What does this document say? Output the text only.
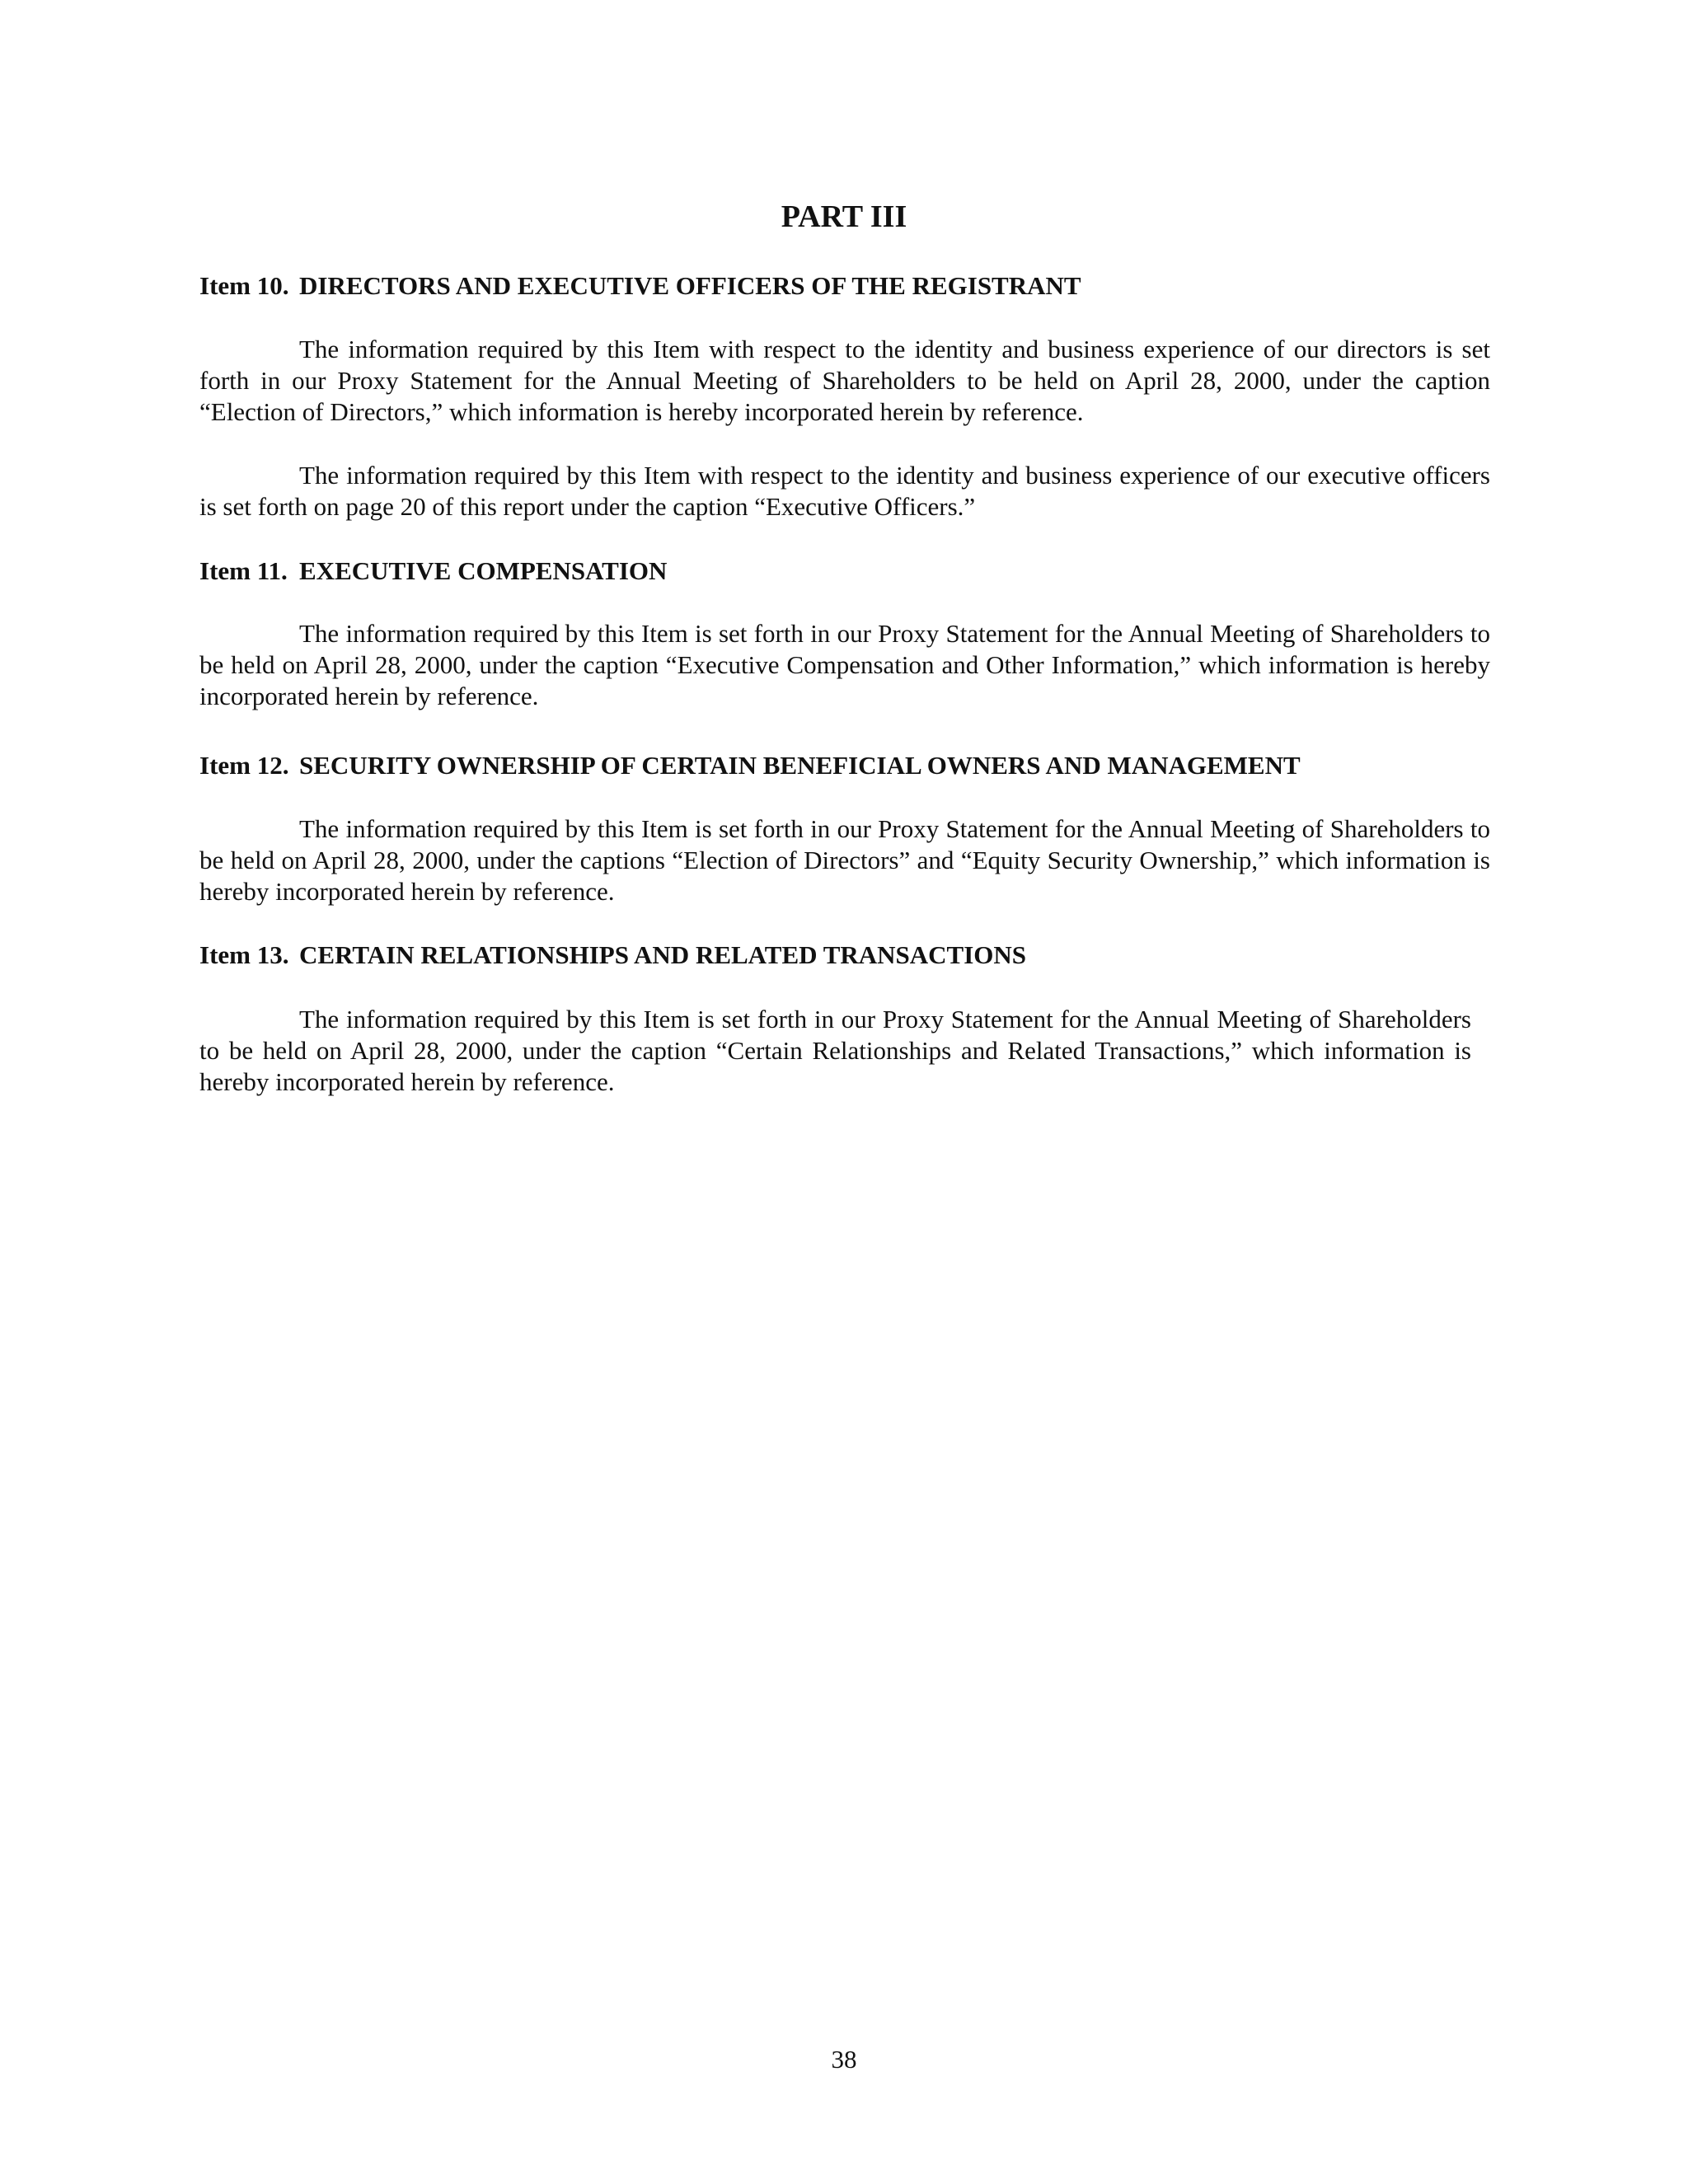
PART III
Item 10. DIRECTORS AND EXECUTIVE OFFICERS OF THE REGISTRANT

The information required by this Item with respect to the identity and business experience of our directors is set forth in our Proxy Statement for the Annual Meeting of Shareholders to be held on April 28, 2000, under the caption “Election of Directors,” which information is hereby incorporated herein by reference.

The information required by this Item with respect to the identity and business experience of our executive officers is set forth on page 20 of this report under the caption “Executive Officers.”

Item 11. EXECUTIVE COMPENSATION

The information required by this Item is set forth in our Proxy Statement for the Annual Meeting of Shareholders to be held on April 28, 2000, under the caption “Executive Compensation and Other Information,” which information is hereby incorporated herein by reference.

Item 12. SECURITY OWNERSHIP OF CERTAIN BENEFICIAL OWNERS AND MANAGEMENT

The information required by this Item is set forth in our Proxy Statement for the Annual Meeting of Shareholders to be held on April 28, 2000, under the captions “Election of Directors” and “Equity Security Ownership,” which information is hereby incorporated herein by reference.

Item 13. CERTAIN RELATIONSHIPS AND RELATED TRANSACTIONS

The information required by this Item is set forth in our Proxy Statement for the Annual Meeting of Shareholders to be held on April 28, 2000, under the caption “Certain Relationships and Related Transactions,” which information is hereby incorporated herein by reference.

38
